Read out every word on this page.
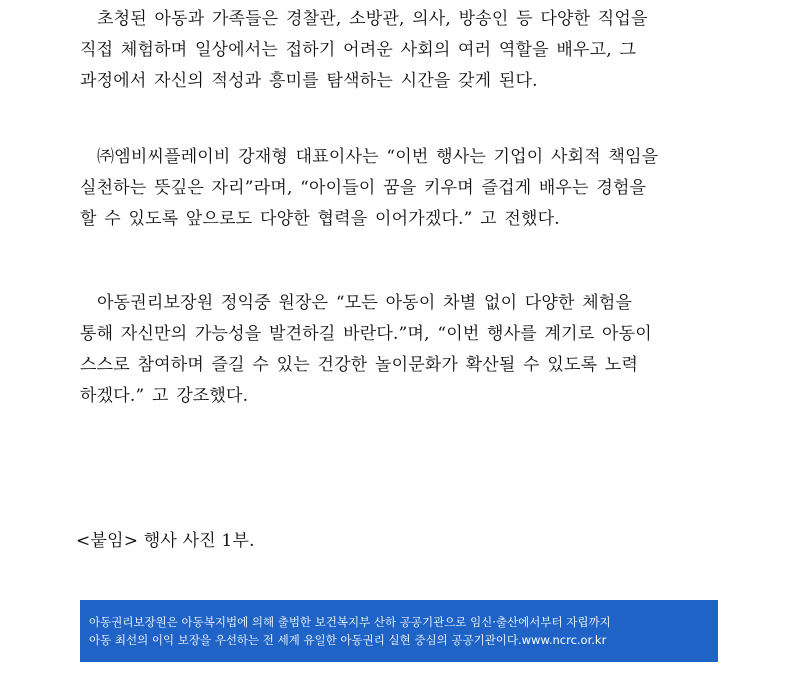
초청된 아동과 가족들은 경찰관, 소방관, 의사, 방송인 등 다양한 직업을
직접 체험하며 일상에서는 접하기 어려운 사회의 여러 역할을 배우고, 그
과정에서 자신의 적성과 흥미를 탐색하는 시간을 갖게 된다.

㈜엠비씨플레이비 강재형 대표이사는 “이번 행사는 기업이 사회적 책임을
실천하는 뜻깊은 자리”라며, “아이들이 꿈을 키우며 즐겁게 배우는 경험을
할 수 있도록 앞으로도 다양한 협력을 이어가겠다.” 고 전했다.

아동권리보장원 정익중 원장은 “모든 아동이 차별 없이 다양한 체험을
통해 자신만의 가능성을 발견하길 바란다.”며, “이번 행사를 계기로 아동이
스스로 참여하며 즐길 수 있는 건강한 놀이문화가 확산될 수 있도록 노력
하겠다.” 고 강조했다.

<붙임> 행사 사진 1부.

아동권리보장원은 아동복지법에 의해 출범한 보건복지부 산하 공공기관으로 임신·출산에서부터 자립까지
아동 최선의 이익 보장을 우선하는 전 세계 유일한 아동권리 실현 중심의 공공기관이다.www.ncrc.or.kr
